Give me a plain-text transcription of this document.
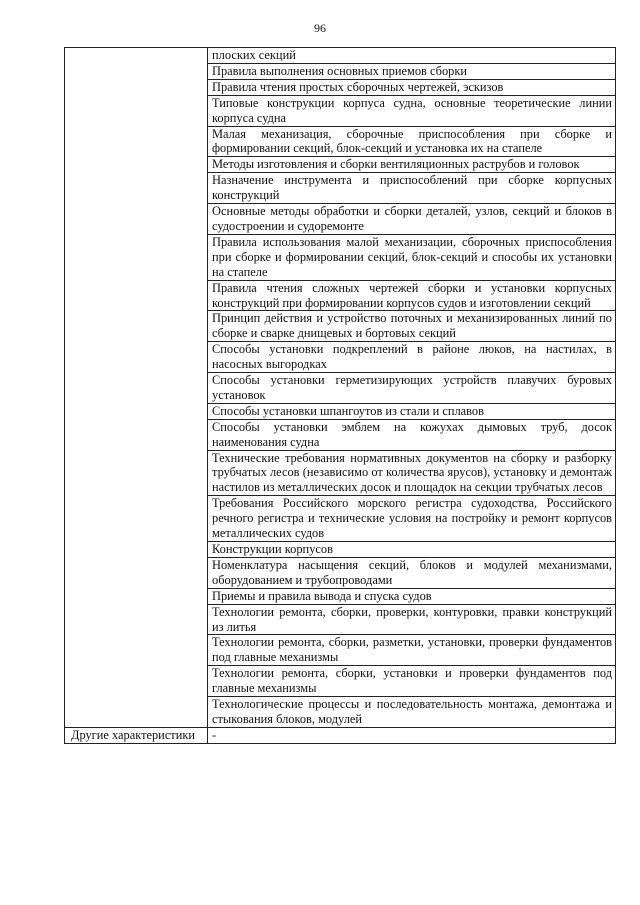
96
	плоских секций
	Правила выполнения основных приемов сборки
	Правила чтения простых сборочных чертежей, эскизов
	Типовые конструкции корпуса судна, основные теоретические линии корпуса судна
	Малая механизация, сборочные приспособления при сборке и формировании секций, блок-секций и установка их на стапеле
	Методы изготовления и сборки вентиляционных раструбов и головок
	Назначение инструмента и приспособлений при сборке корпусных конструкций
	Основные методы обработки и сборки деталей, узлов, секций и блоков в судостроении и судоремонте
	Правила использования малой механизации, сборочных приспособления при сборке и формировании секций, блок-секций и способы их установки на стапеле
	Правила чтения сложных чертежей сборки и установки корпусных конструкций при формировании корпусов судов и изготовлении секций
	Принцип действия и устройство поточных и механизированных линий по сборке и сварке днищевых и бортовых секций
	Способы установки подкреплений в районе люков, на настилах, в насосных выгородках
	Способы установки герметизирующих устройств плавучих буровых установок
	Способы установки шпангоутов из стали и сплавов
	Способы установки эмблем на кожухах дымовых труб, досок наименования судна
	Технические требования нормативных документов на сборку и разборку трубчатых лесов (независимо от количества ярусов), установку и демонтаж настилов из металлических досок и площадок на секции трубчатых лесов
	Требования Российского морского регистра судоходства, Российского речного регистра и технические условия на постройку и ремонт корпусов металлических судов
	Конструкции корпусов
	Номенклатура насыщения секций, блоков и модулей механизмами, оборудованием и трубопроводами
	Приемы и правила вывода и спуска судов
	Технологии ремонта, сборки, проверки, контуровки, правки конструкций из литья
	Технологии ремонта, сборки, разметки, установки, проверки фундаментов под главные механизмы
	Технологии ремонта, сборки, установки и проверки фундаментов под главные механизмы
	Технологические процессы и последовательность монтажа, демонтажа и стыкования блоков, модулей
Другие характеристики	-
